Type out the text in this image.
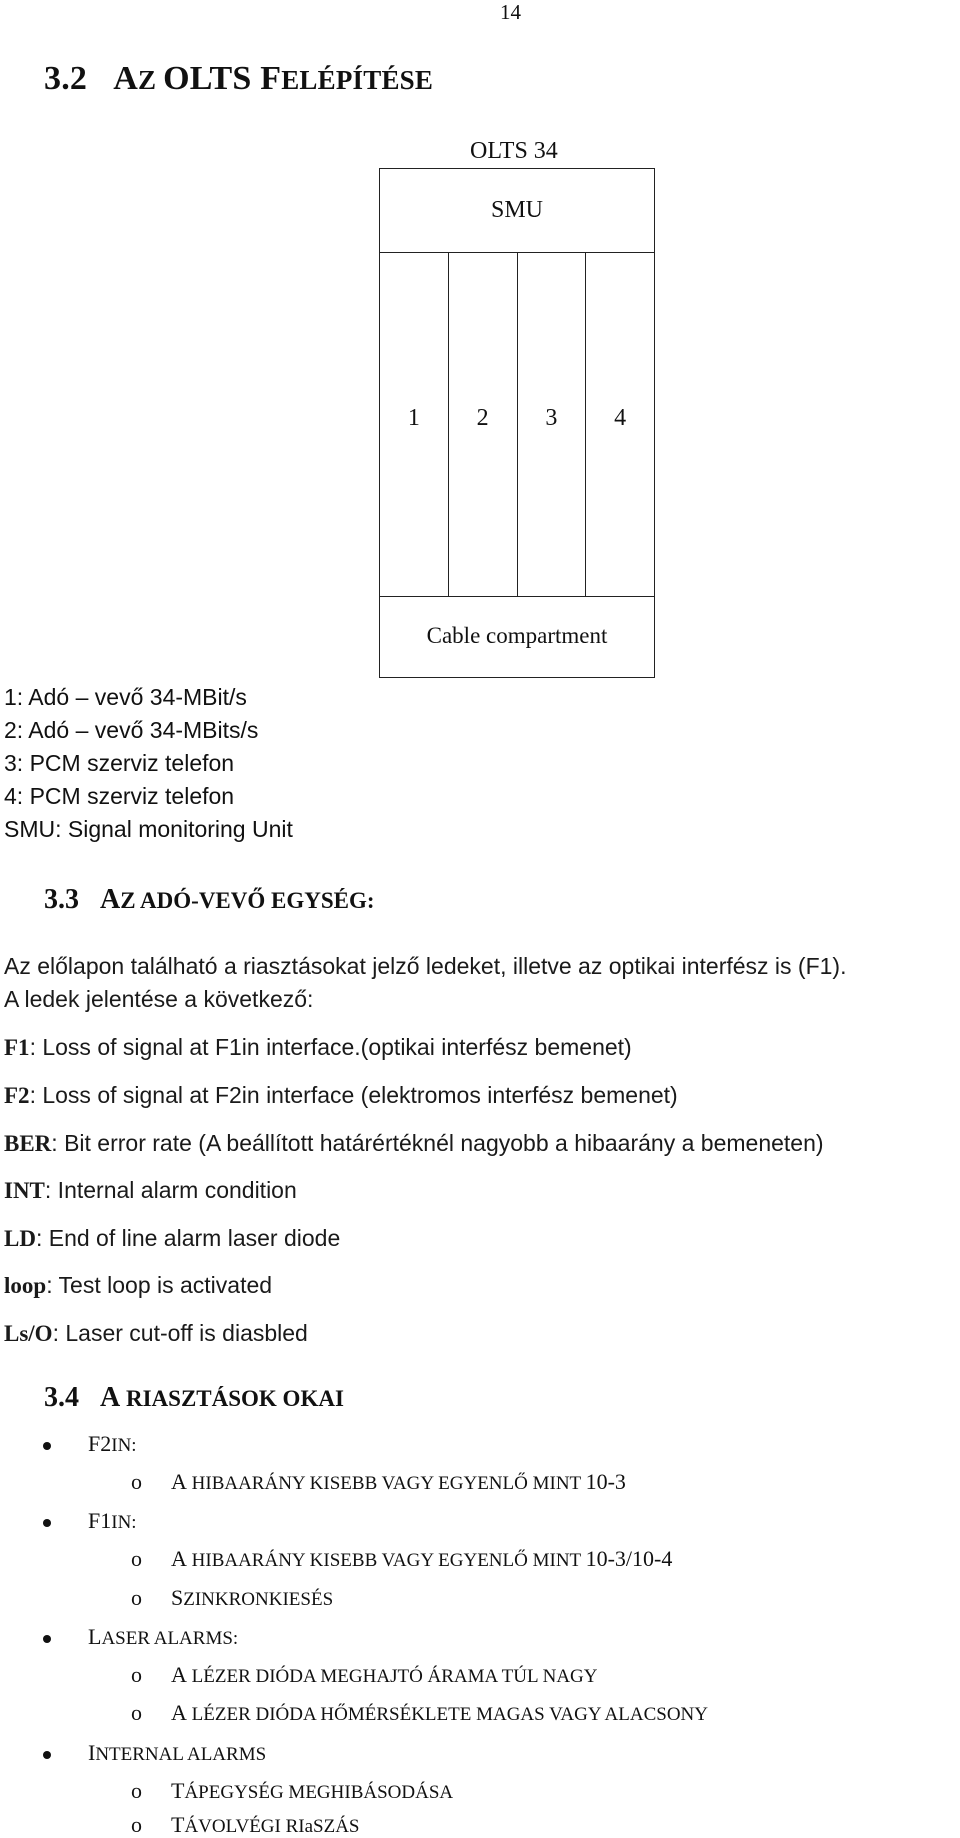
14
3.2 AZ OLTS FELÉPÍTÉSE
OLTS 34
SMU
1	2	3	4
Cable compartment
1: Adó – vevő 34-MBit/s
2: Adó – vevő 34-MBits/s
3: PCM szerviz telefon
4: PCM szerviz telefon
SMU: Signal monitoring Unit
3.3 AZ ADÓ-VEVŐ EGYSÉG:
Az előlapon található a riasztásokat jelző ledeket, illetve az optikai interfész is (F1).
A ledek jelentése a következő:
F1: Loss of signal at F1in interface.(optikai interfész bemenet)
F2: Loss of signal at F2in interface (elektromos interfész bemenet)
BER: Bit error rate (A beállított határértéknél nagyobb a hibaarány a bemeneten)
INT: Internal alarm condition
LD: End of line alarm laser diode
loop: Test loop is activated
Ls/O: Laser cut-off is diasbled
3.4 A RIASZTÁSOK OKAI
F2IN:
o A HIBAARÁNY KISEBB VAGY EGYENLŐ MINT 10-3
F1IN:
o A HIBAARÁNY KISEBB VAGY EGYENLŐ MINT 10-3/10-4
o SZINKRONKIESÉS
LASER ALARMS:
o A LÉZER DIÓDA MEGHAJTÓ ÁRAMA TÚL NAGY
o A LÉZER DIÓDA HŐMÉRSÉKLETE MAGAS VAGY ALACSONY
INTERNAL ALARMS
o TÁPEGYSÉG MEGHIBÁSODÁSA
o TÁVOLVÉGI RIaSZÁS
